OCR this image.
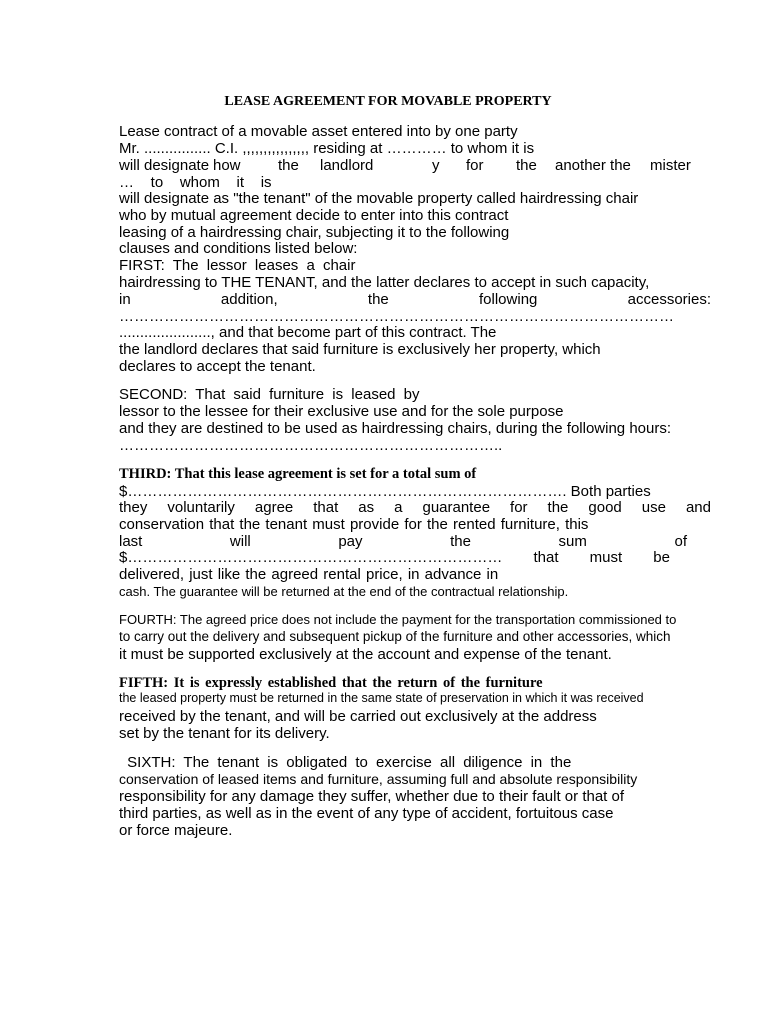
LEASE AGREEMENT FOR MOVABLE PROPERTY

Lease contract of a movable asset entered into by one party

Mr. ................ C.I. ,,,,,,,,,,,,,,,, residing at ………… to whom it is

will designate how the landlord	y for the another the mister

…    to    whom    it    is

will designate as "the tenant" of the movable property called hairdressing chair

who by mutual agreement decide to enter into this contract

leasing of a hairdressing chair, subjecting it to the following

clauses and conditions listed below:

FIRST: The lessor leases a chair

hairdressing to THE TENANT, and the latter declares to accept in such capacity,

in addition, the following accessories:

…………………………………………………………………………………………………

......................, and that become part of this contract. The

the landlord declares that said furniture is exclusively her property, which

declares to accept the tenant.

SECOND: That said furniture is leased by

lessor to the lessee for their exclusive use and for the sole purpose

and they are destined to be used as hairdressing chairs, during the following hours:

…………………………………………………………………..

THIRD: That this lease agreement is set for a total sum of

$……………………………………………………………………………. Both parties

they voluntarily agree that as a guarantee for the good use and

conservation that the tenant must provide for the rented furniture, this

last will pay the sum of

$………………………………………………………………… that must be

delivered, just like the agreed rental price, in advance in

cash. The guarantee will be returned at the end of the contractual relationship.

FOURTH: The agreed price does not include the payment for the transportation commissioned to

to carry out the delivery and subsequent pickup of the furniture and other accessories, which

it must be supported exclusively at the account and expense of the tenant.

FIFTH: It is expressly established that the return of the furniture

the leased property must be returned in the same state of preservation in which it was received

received by the tenant, and will be carried out exclusively at the address

set by the tenant for its delivery.

SIXTH: The tenant is obligated to exercise all diligence in the

conservation of leased items and furniture, assuming full and absolute responsibility

responsibility for any damage they suffer, whether due to their fault or that of

third parties, as well as in the event of any type of accident, fortuitous case

or force majeure.
